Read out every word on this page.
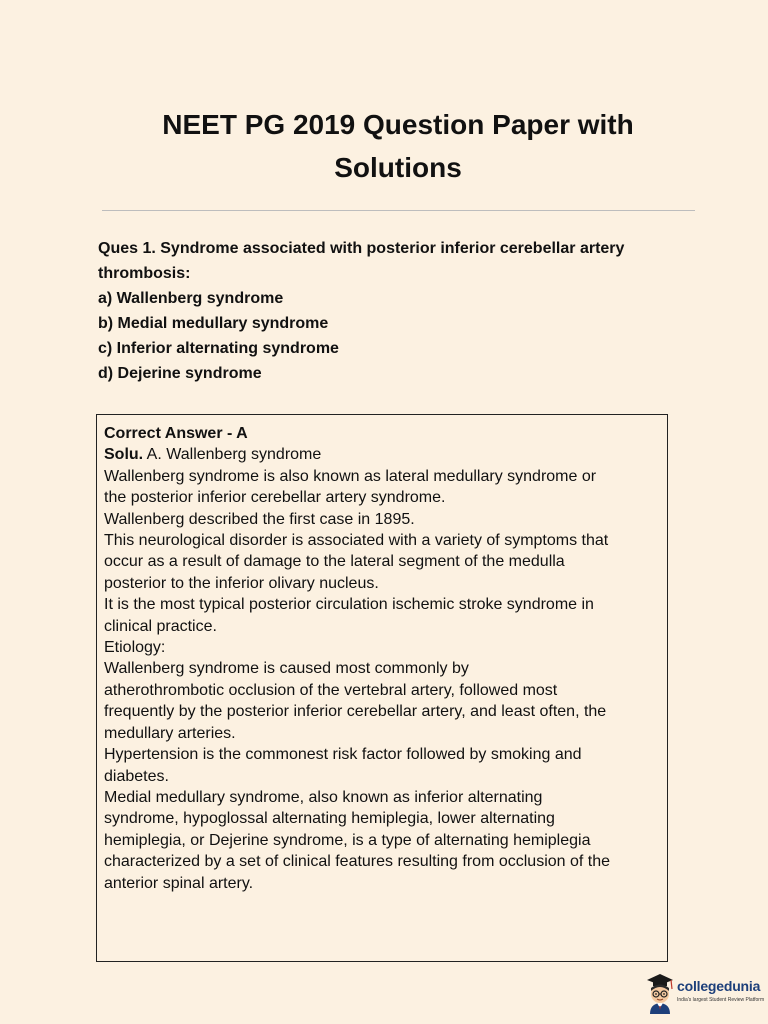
NEET PG 2019 Question Paper with
Solutions
Ques 1. Syndrome associated with posterior inferior cerebellar artery
thrombosis:
a) Wallenberg syndrome
b) Medial medullary syndrome
c) Inferior alternating syndrome
d) Dejerine syndrome
Correct Answer - A
Solu. A. Wallenberg syndrome
Wallenberg syndrome is also known as lateral medullary syndrome or
the posterior inferior cerebellar artery syndrome.
Wallenberg described the first case in 1895.
This neurological disorder is associated with a variety of symptoms that
occur as a result of damage to the lateral segment of the medulla
posterior to the inferior olivary nucleus.
It is the most typical posterior circulation ischemic stroke syndrome in
clinical practice.
Etiology:
Wallenberg syndrome is caused most commonly by
atherothrombotic occlusion of the vertebral artery, followed most
frequently by the posterior inferior cerebellar artery, and least often, the
medullary arteries.
Hypertension is the commonest risk factor followed by smoking and
diabetes.
Medial medullary syndrome, also known as inferior alternating
syndrome, hypoglossal alternating hemiplegia, lower alternating
hemiplegia, or Dejerine syndrome, is a type of alternating hemiplegia
characterized by a set of clinical features resulting from occlusion of the
anterior spinal artery.
collegedunia
India's largest Student Review Platform
